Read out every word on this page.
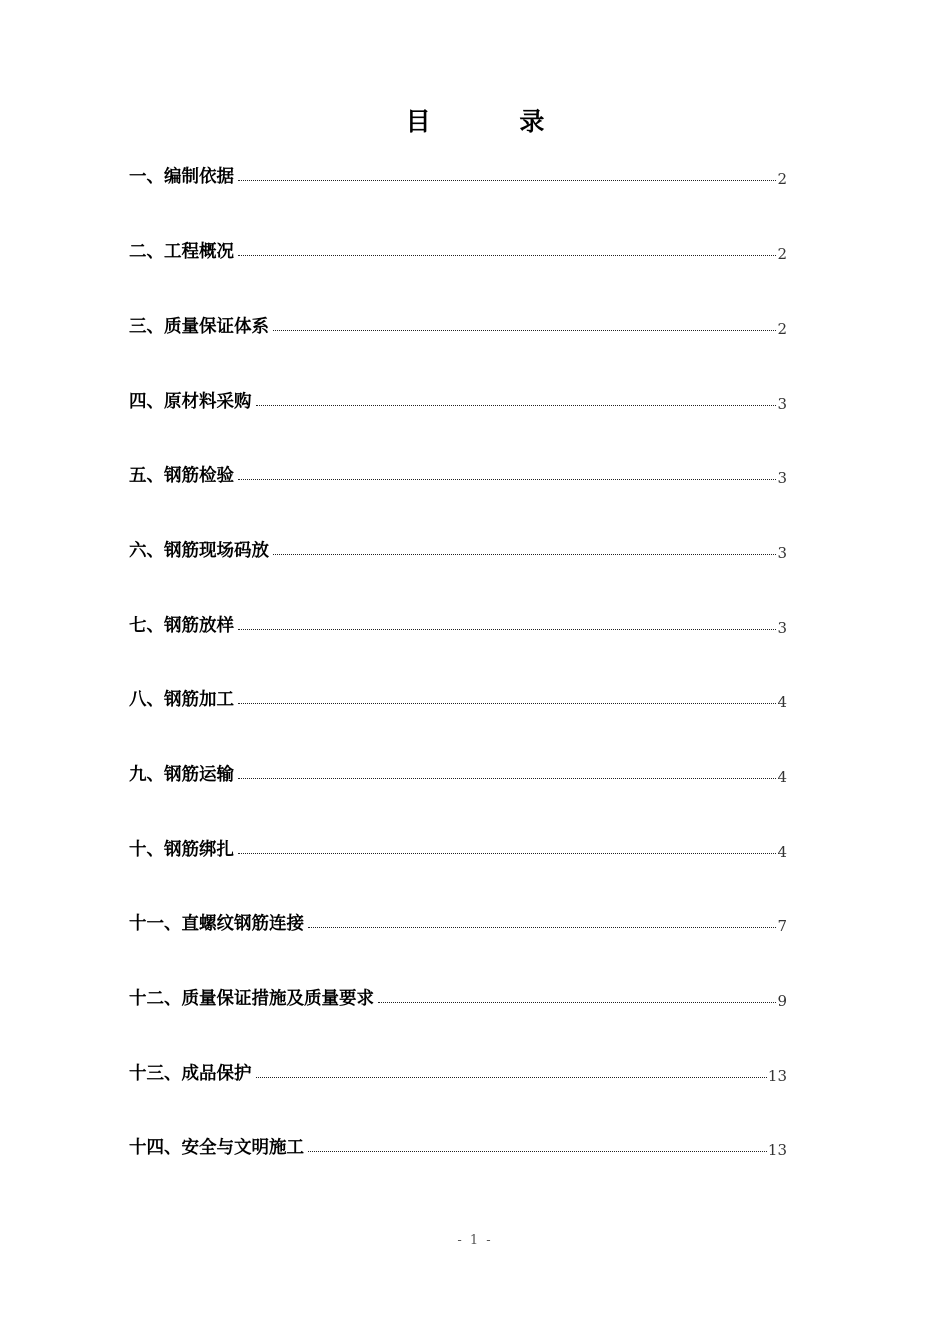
目 录
一、编制依据	2
二、工程概况	2
三、质量保证体系	2
四、原材料采购	3
五、钢筋检验	3
六、钢筋现场码放	3
七、钢筋放样	3
八、钢筋加工	4
九、钢筋运输	4
十、钢筋绑扎	4
十一、直螺纹钢筋连接	7
十二、质量保证措施及质量要求	9
十三、成品保护	13
十四、安全与文明施工	13
- 1 -
